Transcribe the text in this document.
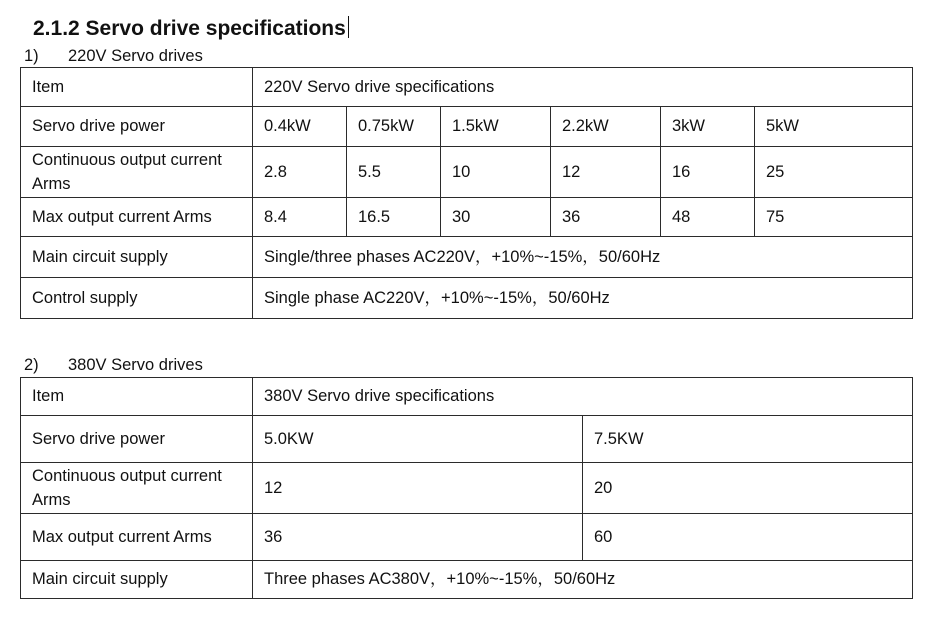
2.1.2 Servo drive specifications

1) 220V Servo drives

Item	220V Servo drive specifications					
Servo drive power	0.4kW	0.75kW	1.5kW	2.2kW	3kW	5kW
Continuous output current Arms	2.8	5.5	10	12	16	25
Max output current Arms	8.4	16.5	30	36	48	75
Main circuit supply	Single/three phases AC220V，+10%~-15%，50/60Hz					
Control supply	Single phase AC220V，+10%~-15%，50/60Hz					

2) 380V Servo drives

Item	380V Servo drive specifications	
Servo drive power	5.0KW	7.5KW
Continuous output current Arms	12	20
Max output current Arms	36	60
Main circuit supply	Three phases AC380V，+10%~-15%，50/60Hz	
